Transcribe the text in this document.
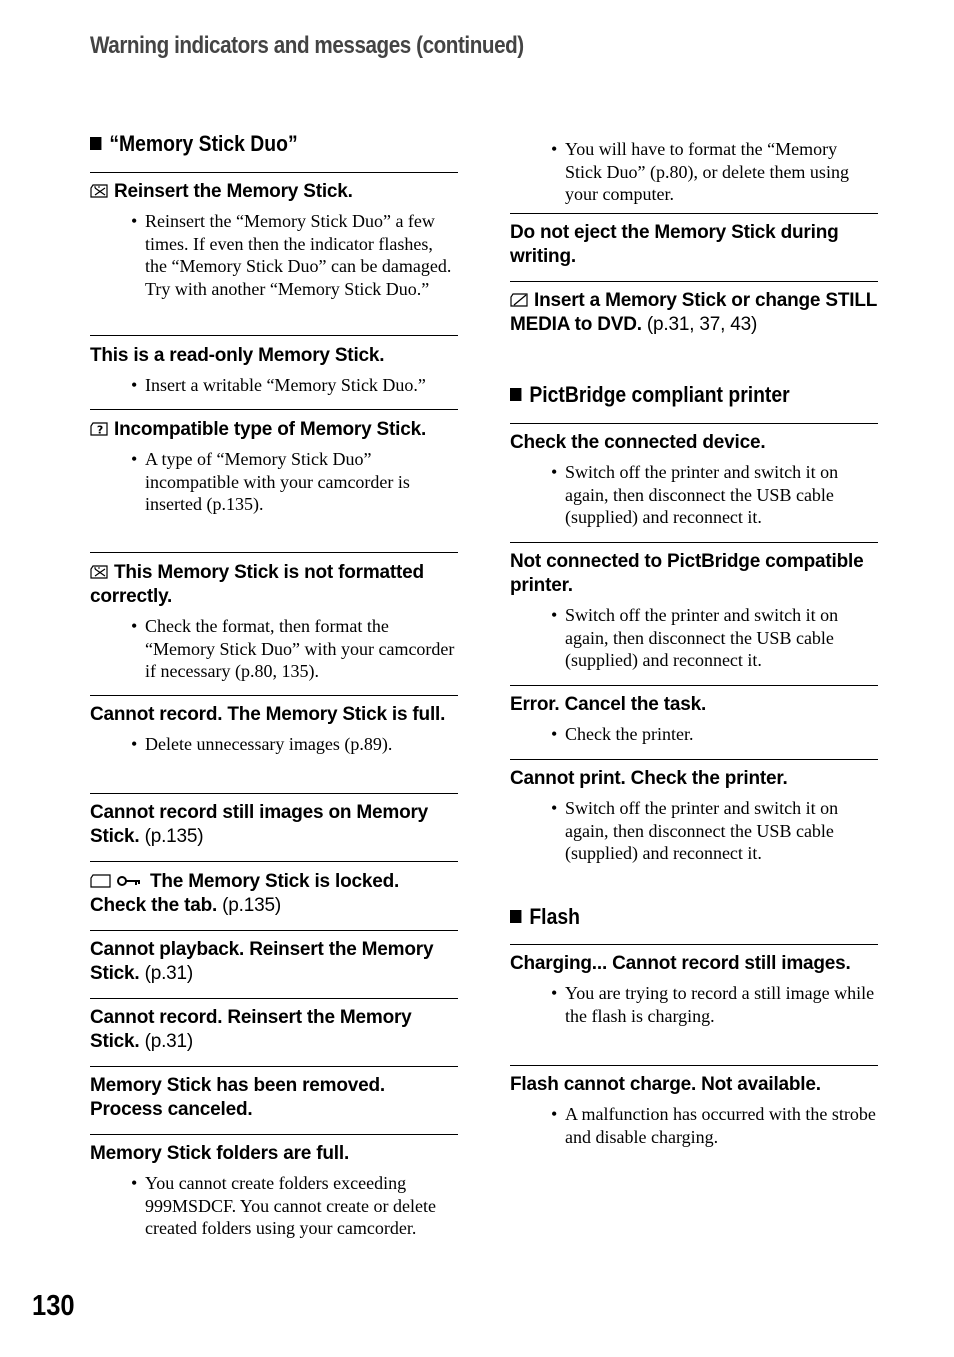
Warning indicators and messages (continued)
“Memory Stick Duo”
Reinsert the Memory Stick.
• Reinsert the “Memory Stick Duo” a few times. If even then the indicator flashes, the “Memory Stick Duo” can be damaged. Try with another “Memory Stick Duo.”
This is a read-only Memory Stick.
• Insert a writable “Memory Stick Duo.”
? Incompatible type of Memory Stick.
• A type of “Memory Stick Duo” incompatible with your camcorder is inserted (p.135).
This Memory Stick is not formatted correctly.
• Check the format, then format the “Memory Stick Duo” with your camcorder if necessary (p.80, 135).
Cannot record. The Memory Stick is full.
• Delete unnecessary images (p.89).
Cannot record still images on Memory Stick. (p.135)
The Memory Stick is locked. Check the tab. (p.135)
Cannot playback. Reinsert the Memory Stick. (p.31)
Cannot record. Reinsert the Memory Stick. (p.31)
Memory Stick has been removed. Process canceled.
Memory Stick folders are full.
• You cannot create folders exceeding 999MSDCF. You cannot create or delete created folders using your camcorder.
• You will have to format the “Memory Stick Duo” (p.80), or delete them using your computer.
Do not eject the Memory Stick during writing.
Insert a Memory Stick or change STILL MEDIA to DVD. (p.31, 37, 43)
PictBridge compliant printer
Check the connected device.
• Switch off the printer and switch it on again, then disconnect the USB cable (supplied) and reconnect it.
Not connected to PictBridge compatible printer.
• Switch off the printer and switch it on again, then disconnect the USB cable (supplied) and reconnect it.
Error. Cancel the task.
• Check the printer.
Cannot print. Check the printer.
• Switch off the printer and switch it on again, then disconnect the USB cable (supplied) and reconnect it.
Flash
Charging... Cannot record still images.
• You are trying to record a still image while the flash is charging.
Flash cannot charge. Not available.
• A malfunction has occurred with the strobe and disable charging.
130
